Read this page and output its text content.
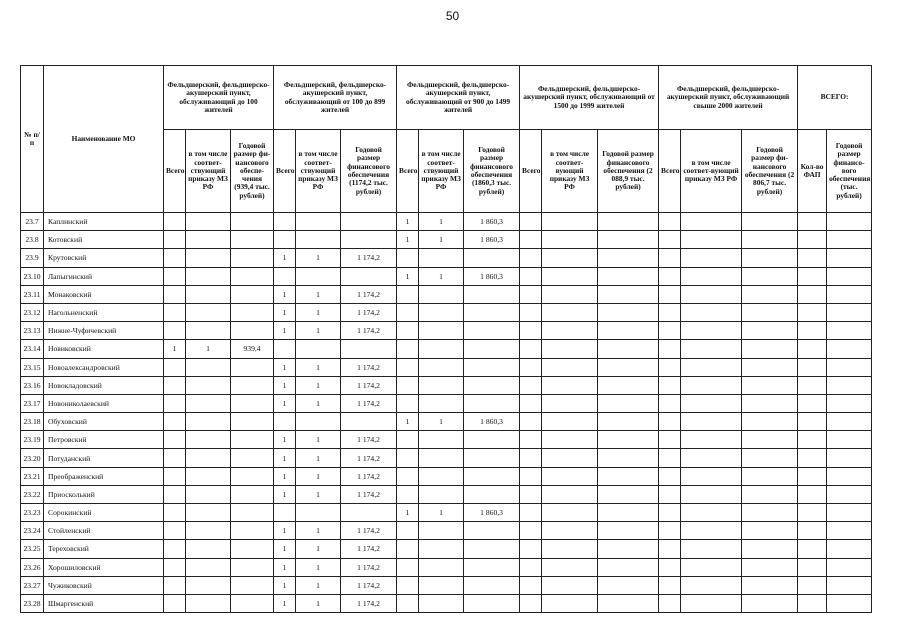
50
№ п/п	Наименование МО	Фельдшерский, фельдшерско-акушерский пункт, обслуживающий до 100 жителей			Фельдшерский, фельдшерско-акушерский пункт, обслуживающий от 100 до 899 жителей			Фельдшерский, фельдшерско-акушерский пункт, обслуживающий от 900 до 1499 жителей			Фельдшерский, фельдшерско-акушерский пункт, обслуживающий от 1500 до 1999 жителей			Фельдшерский, фельдшерско-акушерский пункт, обслуживающий свыше 2000 жителей			ВСЕГО:		
		Всего	в том числе соответ-ствующий приказу МЗ РФ	Годовой размер фи-нансового обеспе-чения (939,4 тыс. рублей)	Всего	в том числе соответ-ствующий приказу МЗ РФ	Годовой размер финансового обеспечения (1174,2 тыс. рублей)	Всего	в том числе соответ-ствующий приказу МЗ РФ	Годовой размер финансового обеспечения (1860,3 тыс. рублей)	Всего	в том числе соответ-вующий приказу МЗ РФ	Годовой размер финансового обеспечения (2 088,9 тыс. рублей)	Всего	в том числе соответ-вующий приказу МЗ РФ	Годовой размер фи-нансового обеспечения (2 806,7 тыс. рублей)	Кол-во ФАП	Годовой размер финансо-вого обеспечения (тыс. рублей)	
23.7	Каплинский							1	1	1 860,3									
23.8	Котовский							1	1	1 860,3									
23.9	Крутовский				1	1	1 174,2												
23.10	Лапыгинский							1	1	1 860,3									
23.11	Монаковский				1	1	1 174,2												
23.12	Нагольненский				1	1	1 174,2												
23.13	Нижне-Чуфичевский				1	1	1 174,2												
23.14	Новиковский	1	1	939,4															
23.15	Новоалександровский				1	1	1 174,2												
23.16	Новокладовский				1	1	1 174,2												
23.17	Новониколаевский				1	1	1 174,2												
23.18	Обуховский							1	1	1 860,3									
23.19	Петровский				1	1	1 174,2												
23.20	Потуданский				1	1	1 174,2												
23.21	Преображенский				1	1	1 174,2												
23.22	Приосколький				1	1	1 174,2												
23.23	Сорокинский							1	1	1 860,3									
23.24	Стойленский				1	1	1 174,2												
23.25	Тереховский				1	1	1 174,2												
23.26	Хорошиловский				1	1	1 174,2												
23.27	Чужиковский				1	1	1 174,2												
23.28	Шмаргенский				1	1	1 174,2												
